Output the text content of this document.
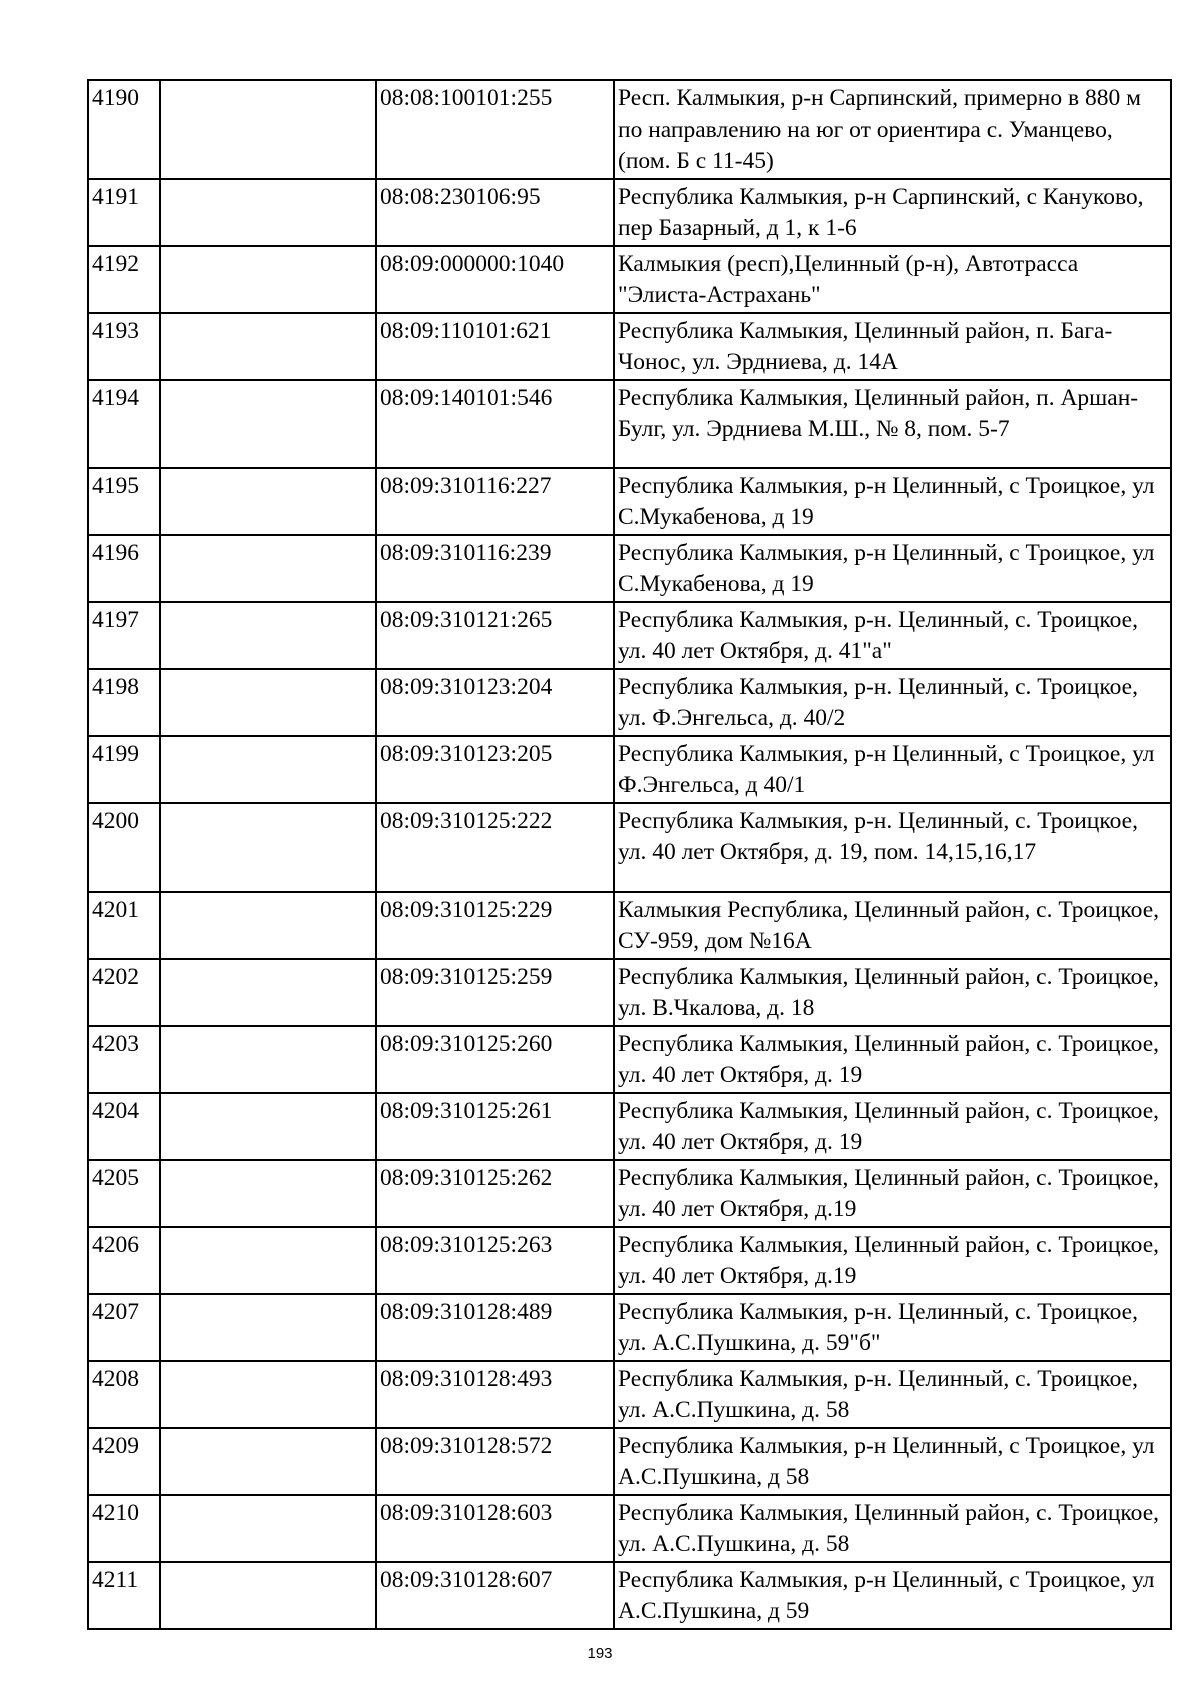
4190		08:08:100101:255	Респ. Калмыкия, р-н Сарпинский, примерно в 880 м по направлению на юг от ориентира с. Уманцево, (пом. Б с 11-45)
4191		08:08:230106:95	Республика Калмыкия, р-н Сарпинский, с Кануково, пер Базарный, д 1, к 1-6
4192		08:09:000000:1040	Калмыкия (респ),Целинный (р-н), Автотрасса "Элиста-Астрахань"
4193		08:09:110101:621	Республика Калмыкия, Целинный район, п. Бага-Чонос, ул. Эрдниева, д. 14А
4194		08:09:140101:546	Республика Калмыкия, Целинный район, п. Аршан-Булг, ул. Эрдниева М.Ш., № 8, пом. 5-7
4195		08:09:310116:227	Республика Калмыкия, р-н Целинный, с Троицкое, ул С.Мукабенова, д 19
4196		08:09:310116:239	Республика Калмыкия, р-н Целинный, с Троицкое, ул С.Мукабенова, д 19
4197		08:09:310121:265	Республика Калмыкия, р-н. Целинный, с. Троицкое, ул. 40 лет Октября, д. 41"а"
4198		08:09:310123:204	Республика Калмыкия, р-н. Целинный, с. Троицкое, ул. Ф.Энгельса, д. 40/2
4199		08:09:310123:205	Республика Калмыкия, р-н Целинный, с Троицкое, ул Ф.Энгельса, д 40/1
4200		08:09:310125:222	Республика Калмыкия, р-н. Целинный, с. Троицкое, ул. 40 лет Октября, д. 19, пом. 14,15,16,17
4201		08:09:310125:229	Калмыкия Республика, Целинный район, с. Троицкое, СУ-959, дом №16А
4202		08:09:310125:259	Республика Калмыкия, Целинный район, с. Троицкое, ул. В.Чкалова, д. 18
4203		08:09:310125:260	Республика Калмыкия, Целинный район, с. Троицкое, ул. 40 лет Октября, д. 19
4204		08:09:310125:261	Республика Калмыкия, Целинный район, с. Троицкое, ул. 40 лет Октября, д. 19
4205		08:09:310125:262	Республика Калмыкия, Целинный район, с. Троицкое, ул. 40 лет Октября, д.19
4206		08:09:310125:263	Республика Калмыкия, Целинный район, с. Троицкое, ул. 40 лет Октября, д.19
4207		08:09:310128:489	Республика Калмыкия, р-н. Целинный, с. Троицкое, ул. А.С.Пушкина, д. 59"б"
4208		08:09:310128:493	Республика Калмыкия, р-н. Целинный, с. Троицкое, ул. А.С.Пушкина, д. 58
4209		08:09:310128:572	Республика Калмыкия, р-н Целинный, с Троицкое, ул А.С.Пушкина, д 58
4210		08:09:310128:603	Республика Калмыкия, Целинный район, с. Троицкое, ул. А.С.Пушкина, д. 58
4211		08:09:310128:607	Республика Калмыкия, р-н Целинный, с Троицкое, ул А.С.Пушкина, д 59
193
